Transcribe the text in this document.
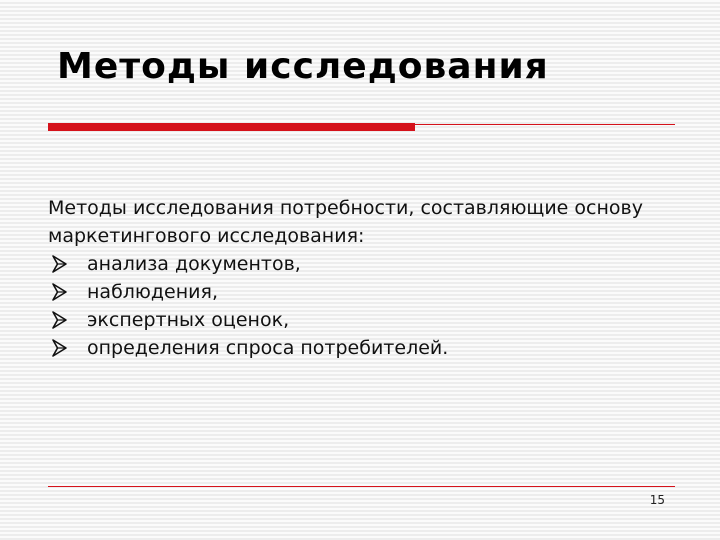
Методы исследования
Методы исследования потребности, составляющие основу
маркетингового исследования:
анализа документов,
наблюдения,
экспертных оценок,
определения спроса потребителей.
15
